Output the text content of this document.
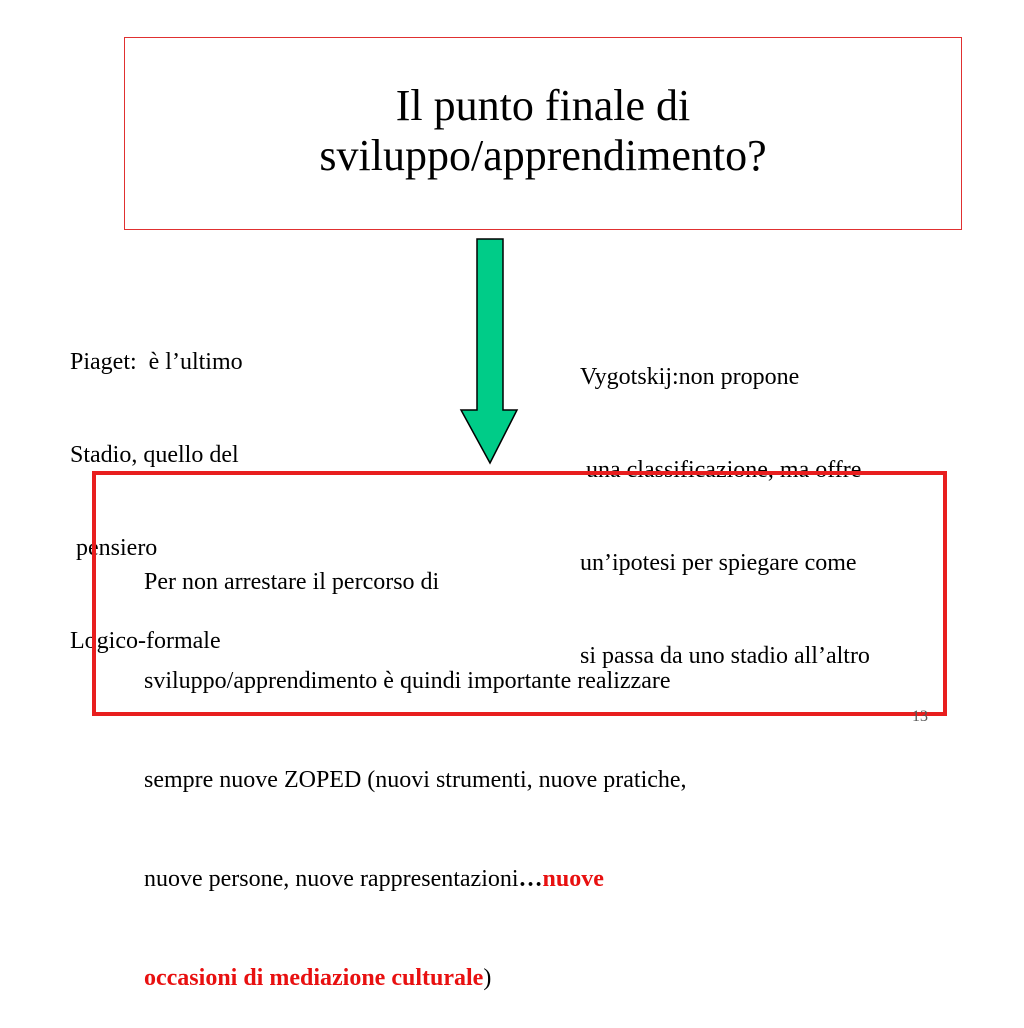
Il punto finale di
sviluppo/apprendimento?

Piaget:  è l’ultimo

Stadio, quello del

pensiero

Logico-formale

Vygotskij:non propone

una classificazione, ma offre

un’ipotesi per spiegare come

si passa da uno stadio all’altro

Per non arrestare il percorso di

sviluppo/apprendimento è quindi importante realizzare

sempre nuove ZOPED (nuovi strumenti, nuove pratiche,

nuove persone, nuove rappresentazioni…nuove

occasioni di mediazione culturale)

13
